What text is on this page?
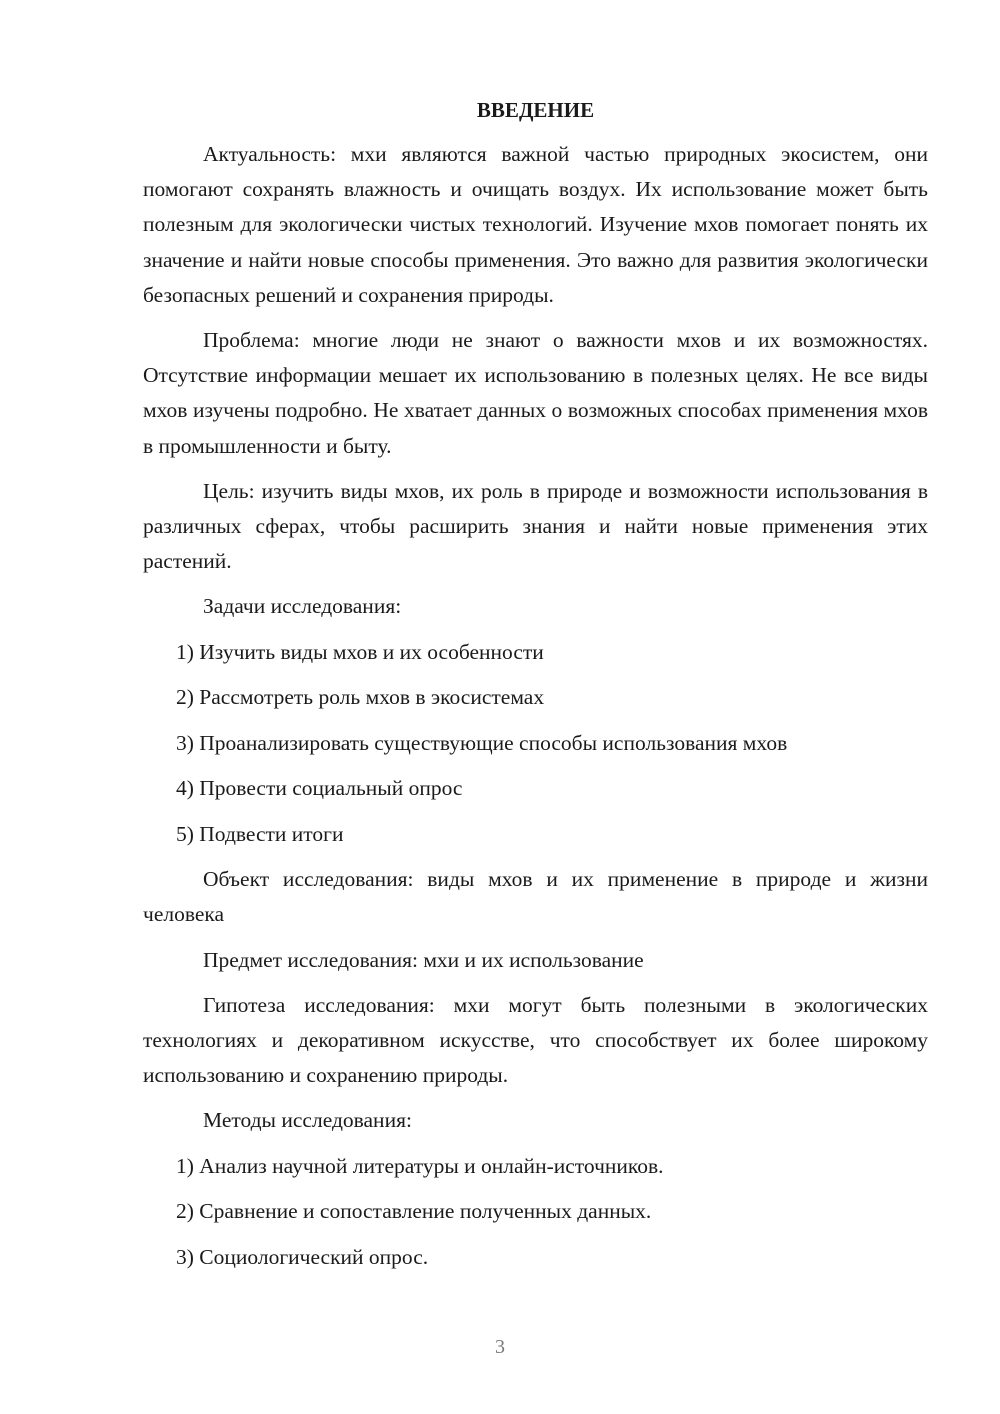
ВВЕДЕНИЕ

Актуальность: мхи являются важной частью природных экосистем, они помогают сохранять влажность и очищать воздух. Их использование может быть полезным для экологически чистых технологий. Изучение мхов помогает понять их значение и найти новые способы применения. Это важно для развития экологически безопасных решений и сохранения природы.

Проблема: многие люди не знают о важности мхов и их возможностях. Отсутствие информации мешает их использованию в полезных целях. Не все виды мхов изучены подробно. Не хватает данных о возможных способах применения мхов в промышленности и быту.

Цель: изучить виды мхов, их роль в природе и возможности использования в различных сферах, чтобы расширить знания и найти новые применения этих растений.

Задачи исследования:

1) Изучить виды мхов и их особенности
2) Рассмотреть роль мхов в экосистемах
3) Проанализировать существующие способы использования мхов
4) Провести социальный опрос
5) Подвести итоги

Объект исследования: виды мхов и их применение в природе и жизни человека

Предмет исследования: мхи и их использование

Гипотеза исследования: мхи могут быть полезными в экологических технологиях и декоративном искусстве, что способствует их более широкому использованию и сохранению природы.

Методы исследования:

1) Анализ научной литературы и онлайн-источников.
2) Сравнение и сопоставление полученных данных.
3) Социологический опрос.
3
